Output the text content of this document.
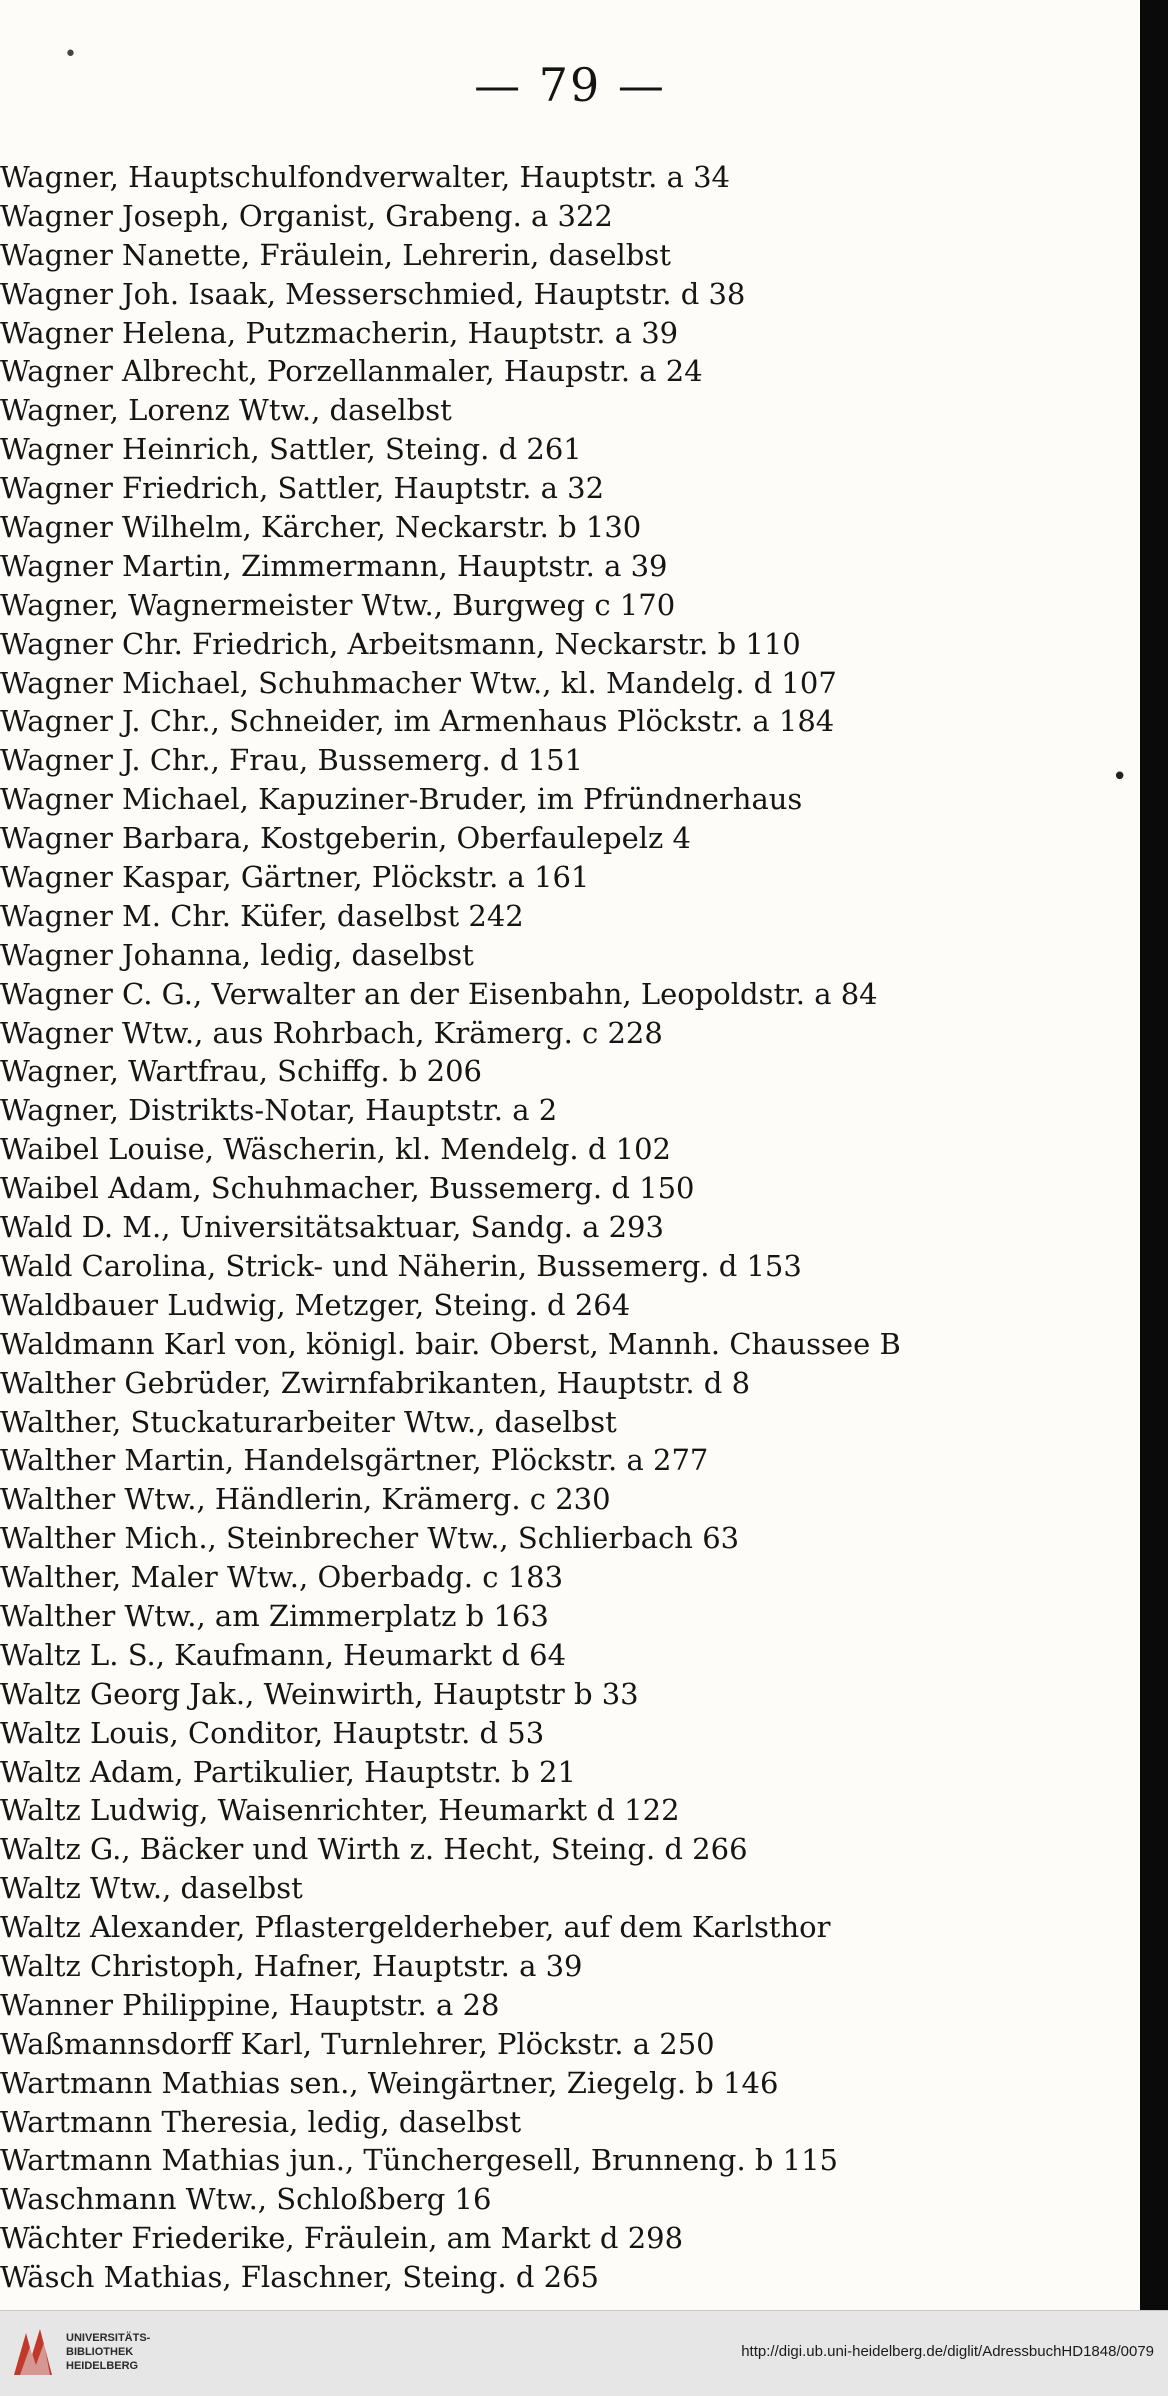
•
— 79 —
Wagner, Hauptschulfondverwalter, Hauptstr. a 34
Wagner Joseph, Organist, Grabeng. a 322
Wagner Nanette, Fräulein, Lehrerin, daselbst
Wagner Joh. Isaak, Messerschmied, Hauptstr. d 38
Wagner Helena, Putzmacherin, Hauptstr. a 39
Wagner Albrecht, Porzellanmaler, Haupstr. a 24
Wagner, Lorenz Wtw., daselbst
Wagner Heinrich, Sattler, Steing. d 261
Wagner Friedrich, Sattler, Hauptstr. a 32
Wagner Wilhelm, Kärcher, Neckarstr. b 130
Wagner Martin, Zimmermann, Hauptstr. a 39
Wagner, Wagnermeister Wtw., Burgweg c 170
Wagner Chr. Friedrich, Arbeitsmann, Neckarstr. b 110
Wagner Michael, Schuhmacher Wtw., kl. Mandelg. d 107
Wagner J. Chr., Schneider, im Armenhaus Plöckstr. a 184
Wagner J. Chr., Frau, Bussemerg. d 151
Wagner Michael, Kapuziner-Bruder, im Pfründnerhaus
Wagner Barbara, Kostgeberin, Oberfaulepelz 4
Wagner Kaspar, Gärtner, Plöckstr. a 161
Wagner M. Chr. Küfer, daselbst 242
Wagner Johanna, ledig, daselbst
Wagner C. G., Verwalter an der Eisenbahn, Leopoldstr. a 84
Wagner Wtw., aus Rohrbach, Krämerg. c 228
Wagner, Wartfrau, Schiffg. b 206
Wagner, Distrikts-Notar, Hauptstr. a 2
Waibel Louise, Wäscherin, kl. Mendelg. d 102
Waibel Adam, Schuhmacher, Bussemerg. d 150
Wald D. M., Universitätsaktuar, Sandg. a 293
Wald Carolina, Strick- und Näherin, Bussemerg. d 153
Waldbauer Ludwig, Metzger, Steing. d 264
Waldmann Karl von, königl. bair. Oberst, Mannh. Chaussee B
Walther Gebrüder, Zwirnfabrikanten, Hauptstr. d 8
Walther, Stuckaturarbeiter Wtw., daselbst
Walther Martin, Handelsgärtner, Plöckstr. a 277
Walther Wtw., Händlerin, Krämerg. c 230
Walther Mich., Steinbrecher Wtw., Schlierbach 63
Walther, Maler Wtw., Oberbadg. c 183
Walther Wtw., am Zimmerplatz b 163
Waltz L. S., Kaufmann, Heumarkt d 64
Waltz Georg Jak., Weinwirth, Hauptstr b 33
Waltz Louis, Conditor, Hauptstr. d 53
Waltz Adam, Partikulier, Hauptstr. b 21
Waltz Ludwig, Waisenrichter, Heumarkt d 122
Waltz G., Bäcker und Wirth z. Hecht, Steing. d 266
Waltz Wtw., daselbst
Waltz Alexander, Pflastergelderheber, auf dem Karlsthor
Waltz Christoph, Hafner, Hauptstr. a 39
Wanner Philippine, Hauptstr. a 28
Waßmannsdorff Karl, Turnlehrer, Plöckstr. a 250
Wartmann Mathias sen., Weingärtner, Ziegelg. b 146
Wartmann Theresia, ledig, daselbst
Wartmann Mathias jun., Tünchergesell, Brunneng. b 115
Waschmann Wtw., Schloßberg 16
Wächter Friederike, Fräulein, am Markt d 298
Wäsch Mathias, Flaschner, Steing. d 265
•
UNIVERSITÄTS-
BIBLIOTHEK
HEIDELBERG
http://digi.ub.uni-heidelberg.de/diglit/AdressbuchHD1848/0079
